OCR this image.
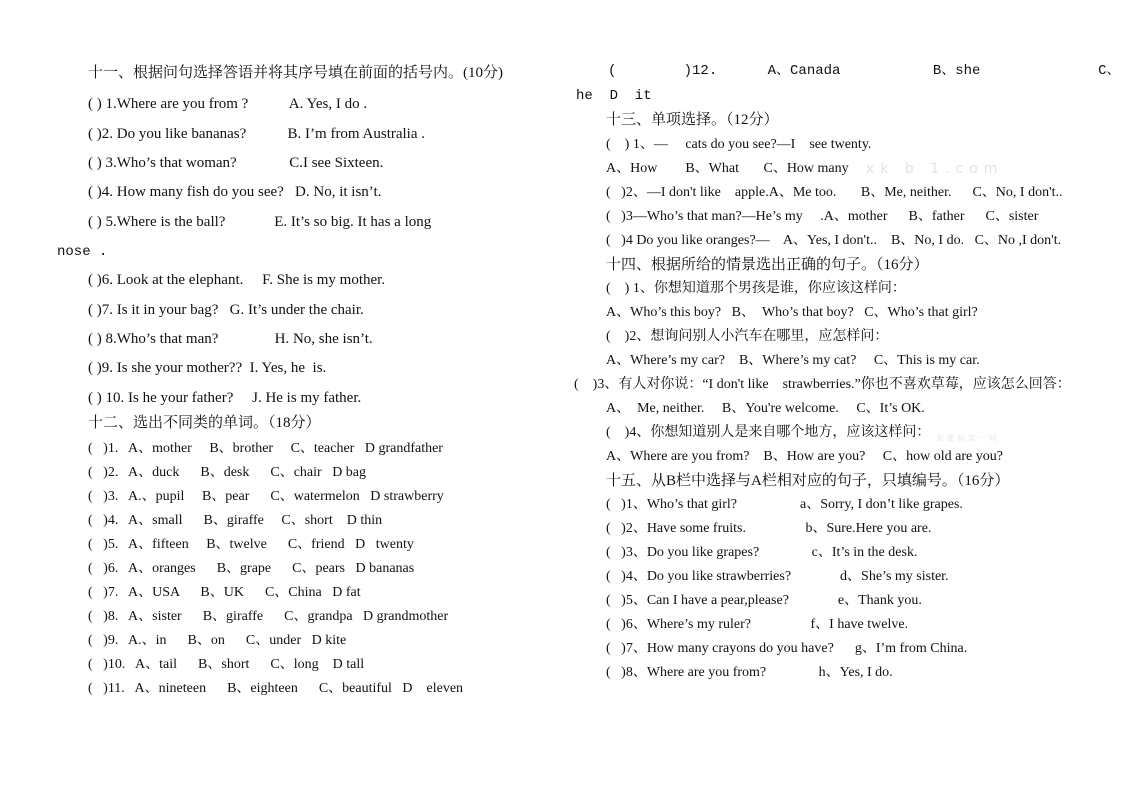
十一、根据问句选择答语并将其序号填在前面的括号内。(10分)
( ) 1.Where are you from ?           A. Yes, I do .
( )2. Do you like bananas?           B. I’m from Australia .
( ) 3.Who’s that woman?              C.I see Sixteen.
( )4. How many fish do you see?   D. No, it isn’t.
( ) 5.Where is the ball?             E. It’s so big. It has a long
nose .
( )6. Look at the elephant.     F. She is my mother.
( )7. Is it in your bag?   G. It’s under the chair.
( ) 8.Who’s that man?               H. No, she isn’t.
( )9. Is she your mother??  I. Yes, he  is.
( ) 10. Is he your father?     J. He is my father.
十二、选出不同类的单词。（18分）
(   )1.   A、mother     B、brother     C、teacher   D grandfather
(   )2.   A、duck      B、desk      C、chair   D bag
(   )3.   A.、pupil     B、pear      C、watermelon   D strawberry
(   )4.   A、small      B、giraffe     C、short    D thin
(   )5.   A、fifteen     B、twelve      C、friend   D   twenty
(   )6.   A、oranges      B、grape      C、pears   D bananas
(   )7.   A、USA      B、UK      C、China   D fat
(   )8.   A、sister      B、giraffe      C、grandpa   D grandmother
(   )9.   A.、in      B、on      C、under   D kite
(   )10.   A、tail      B、short      C、long    D tall
(   )11.   A、nineteen      B、eighteen      C、beautiful   D    eleven
(        )12.      A、Canada           B、she              C、
he  D  it
十三、单项选择。（12分）
(    ) 1、—     cats do you see?—I    see twenty.
A、How        B、What       C、How many xk b 1.com
(   )2、—I don't like    apple.A、Me too.       B、Me, neither.      C、No, I don't..
(   )3—Who’s that man?—He’s my     .A、mother      B、father      C、sister
(   )4 Do you like oranges?—    A、Yes, I don't..    B、No, I do.   C、No ,I don't.
十四、根据所给的情景选出正确的句子。（16分）
(    ) 1、你想知道那个男孩是谁，你应该这样问：
A、Who’s this boy?   B、  Who’s that boy?   C、Who’s that girl?
(    )2、想询问别人小汽车在哪里，应怎样问：
A、Where’s my car?    B、Where’s my cat?     C、This is my car.
(    )3、有人对你说：“I don't like    strawberries.”你也不喜欢草莓，应该怎么回答：
A、  Me, neither.     B、You're welcome.     C、It’s OK.
(    )4、你想知道别人是来自哪个地方，应该这样问： 新 课 标 第 一 网
A、Where are you from?    B、How are you?     C、how old are you?
十五、从B栏中选择与A栏相对应的句子，只填编号。（16分）
(   )1、Who’s that girl?                  a、Sorry, I don’t like grapes.
(   )2、Have some fruits.                 b、Sure.Here you are.
(   )3、Do you like grapes?               c、It’s in the desk.
(   )4、Do you like strawberries?              d、She’s my sister.
(   )5、Can I have a pear,please?              e、Thank you.
(   )6、Where’s my ruler?                 f、I have twelve.
(   )7、How many crayons do you have?      g、I’m from China.
(   )8、Where are you from?               h、Yes, I do.
